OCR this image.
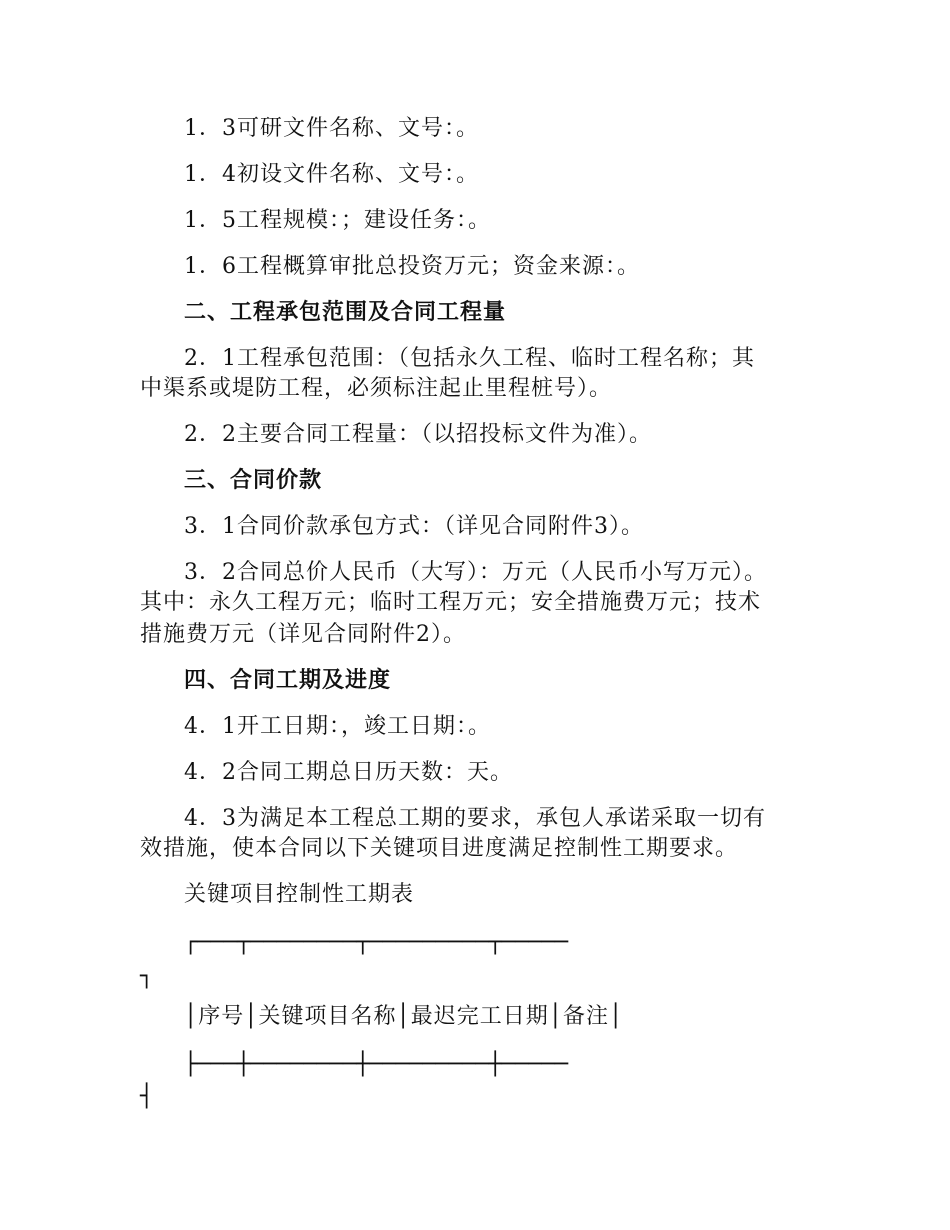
1．3可研文件名称、文号：。
1．4初设文件名称、文号：。
1．5工程规模：；建设任务：。
1．6工程概算审批总投资万元；资金来源：。
二、工程承包范围及合同工程量
2．1工程承包范围：（包括永久工程、临时工程名称；其
中渠系或堤防工程，必须标注起止里程桩号）。
2．2主要合同工程量：（以招投标文件为准）。
三、合同价款
3．1合同价款承包方式：（详见合同附件3）。
3．2合同总价人民币（大写）：万元（人民币小写万元）。
其中：永久工程万元；临时工程万元；安全措施费万元；技术
措施费万元（详见合同附件2）。
四、合同工期及进度
4．1开工日期：，竣工日期：。
4．2合同工期总日历天数：天。
4．3为满足本工程总工期的要求，承包人承诺采取一切有
效措施，使本合同以下关键项目进度满足控制性工期要求。
关键项目控制性工期表
┌───┬────────┬─────────┬─────
┐
│序号│关键项目名称│最迟完工日期│备注│
├───┼────────┼─────────┼─────
┤
